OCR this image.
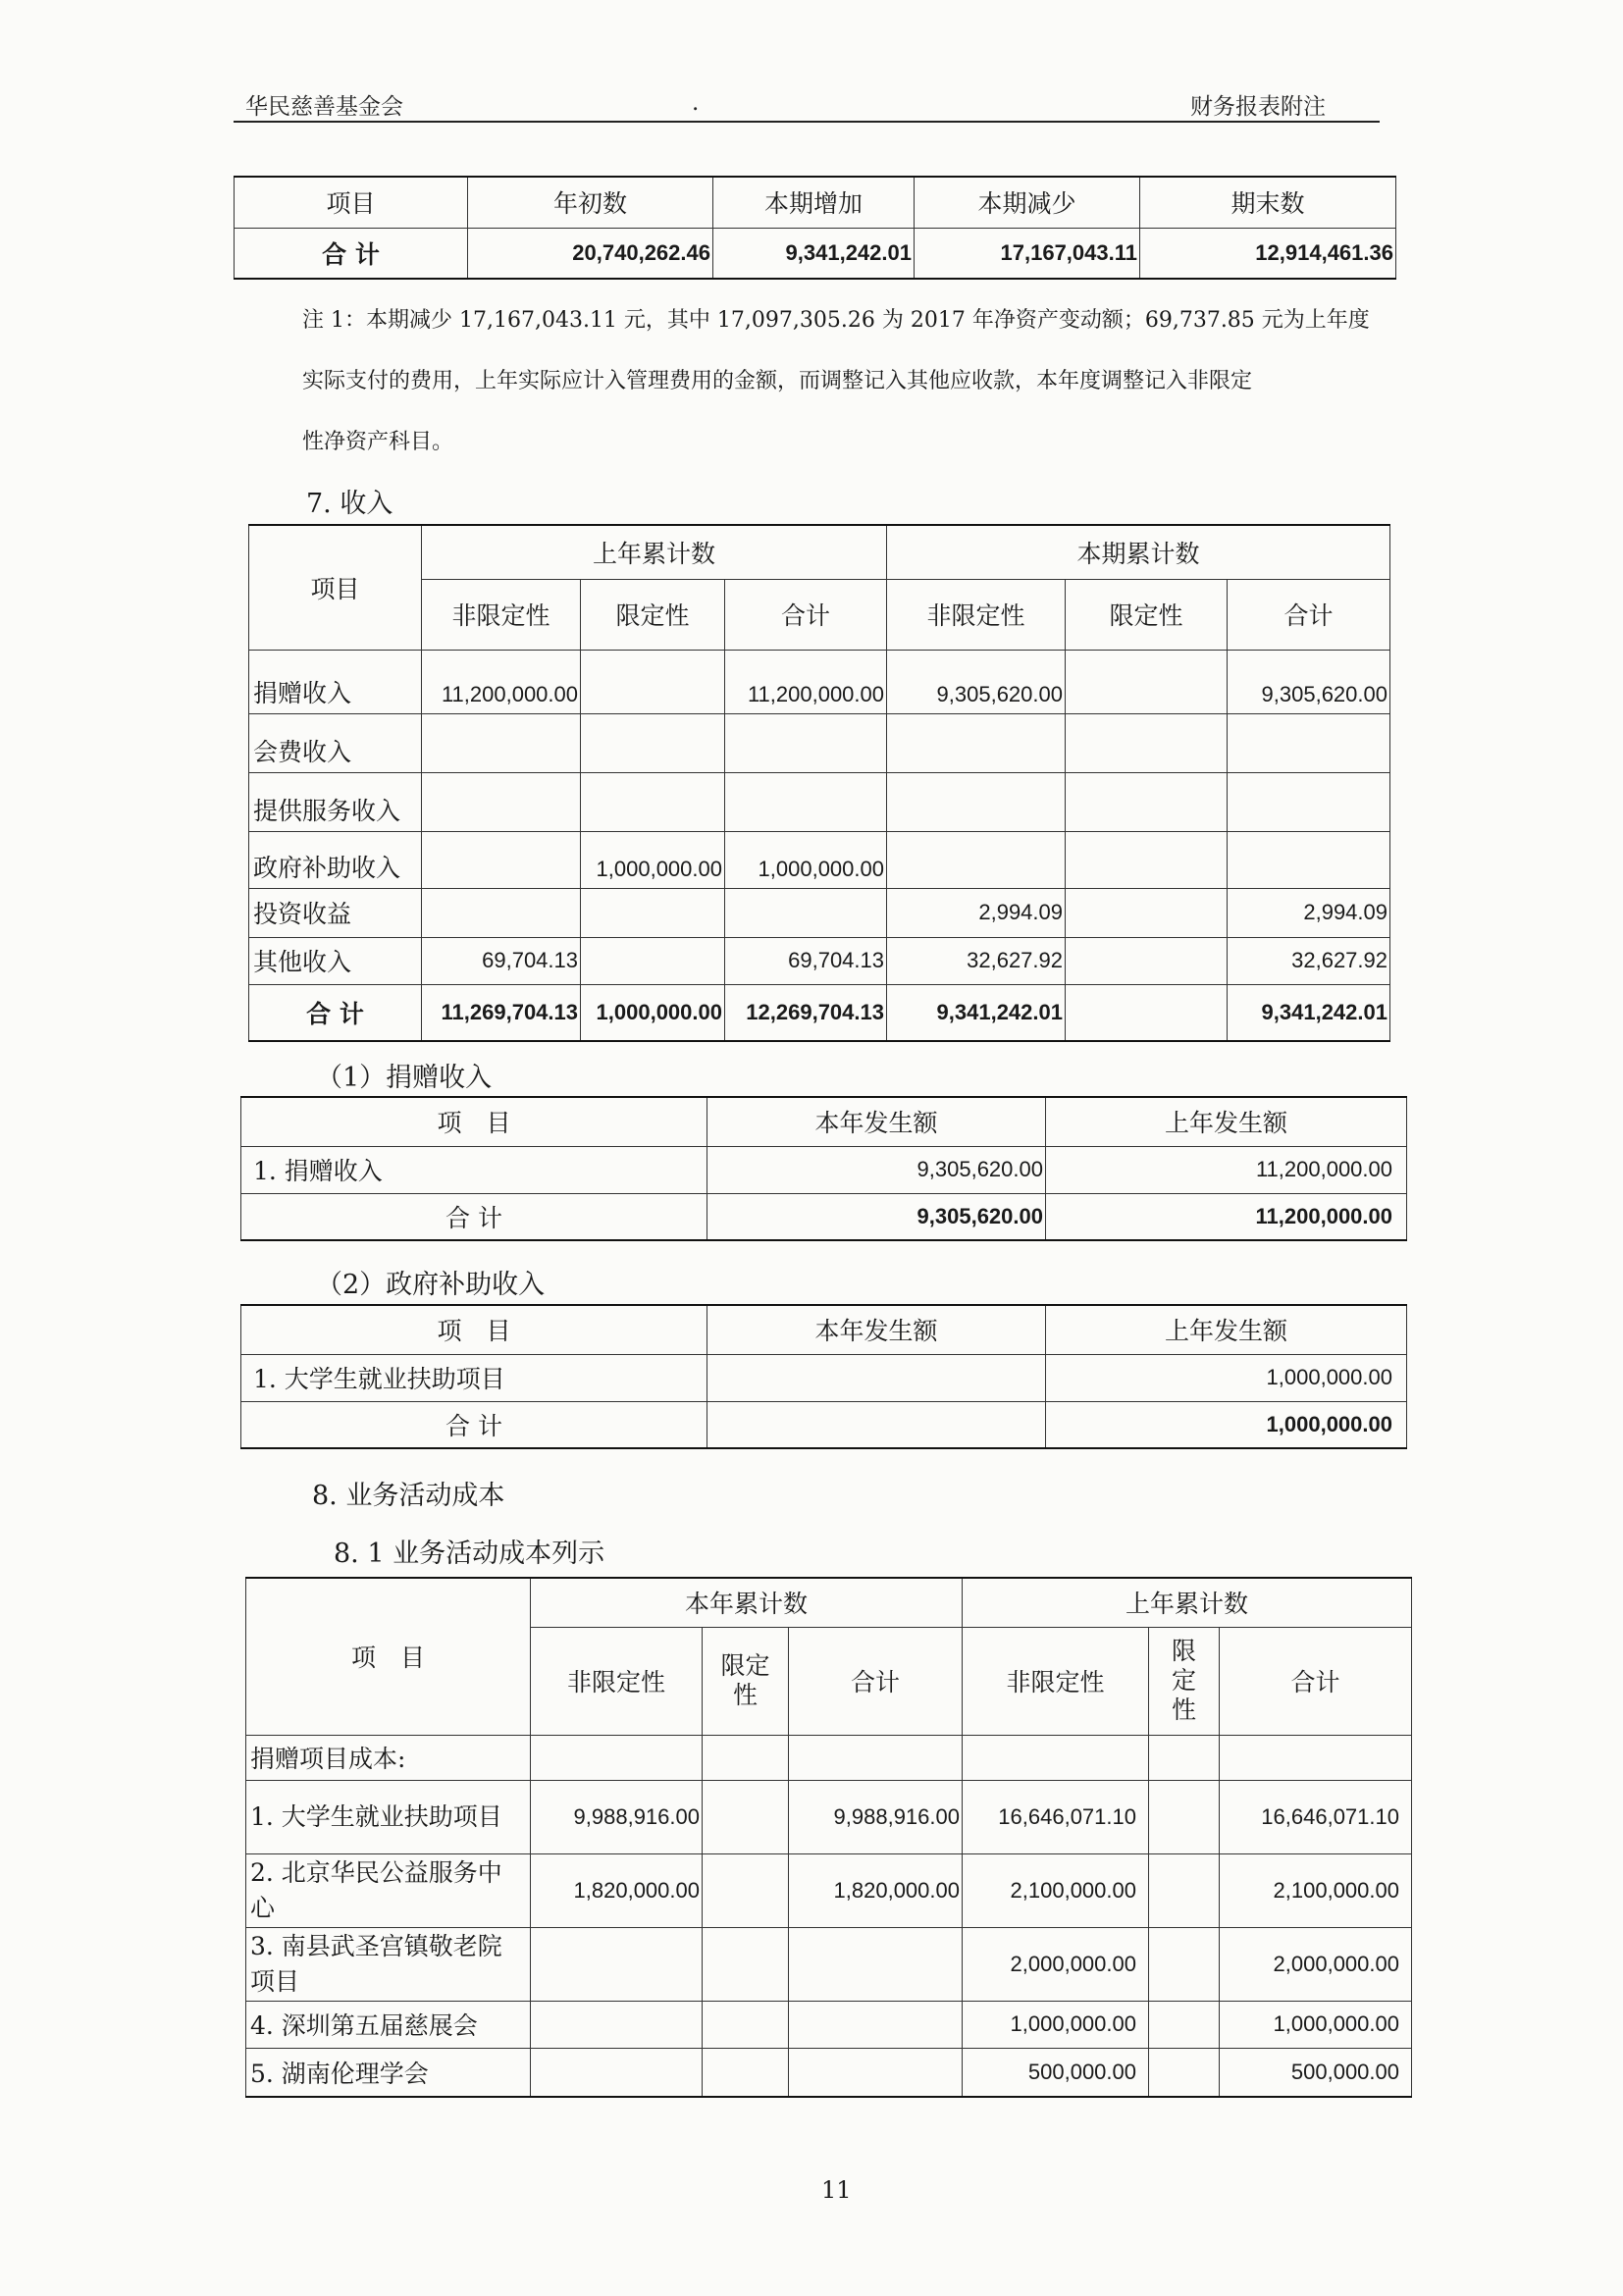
华民慈善基金会	.	财务报表附注
项目	年初数	本期增加	本期减少	期末数
合 计	20,740,262.46	9,341,242.01	17,167,043.11	12,914,461.36
注 1：本期减少 17,167,043.11 元，其中 17,097,305.26 为 2017 年净资产变动额；69,737.85 元为上年度
实际支付的费用，上年实际应计入管理费用的金额，而调整记入其他应收款，本年度调整记入非限定
性净资产科目。
7. 收入
项目	上年累计数			本期累计数		
	非限定性	限定性	合计	非限定性	限定性	合计
捐赠收入	11,200,000.00		11,200,000.00	9,305,620.00		9,305,620.00
会费收入						
提供服务收入						
政府补助收入		1,000,000.00	1,000,000.00			
投资收益				2,994.09		2,994.09
其他收入	69,704.13		69,704.13	32,627.92		32,627.92
合 计	11,269,704.13	1,000,000.00	12,269,704.13	9,341,242.01		9,341,242.01
（1）捐赠收入
项　目	本年发生额	上年发生额
1. 捐赠收入	9,305,620.00	11,200,000.00
合 计	9,305,620.00	11,200,000.00
（2）政府补助收入
项　目	本年发生额	上年发生额
1. 大学生就业扶助项目		1,000,000.00
合 计		1,000,000.00
8. 业务活动成本
8. 1 业务活动成本列示
项　目	本年累计数			上年累计数		
	非限定性	限定性	合计	非限定性	限定性	合计
捐赠项目成本:						
1. 大学生就业扶助项目	9,988,916.00		9,988,916.00	16,646,071.10		16,646,071.10
2. 北京华民公益服务中心	1,820,000.00		1,820,000.00	2,100,000.00		2,100,000.00
3. 南县武圣宫镇敬老院项目				2,000,000.00		2,000,000.00
4. 深圳第五届慈展会				1,000,000.00		1,000,000.00
5. 湖南伦理学会				500,000.00		500,000.00
11
